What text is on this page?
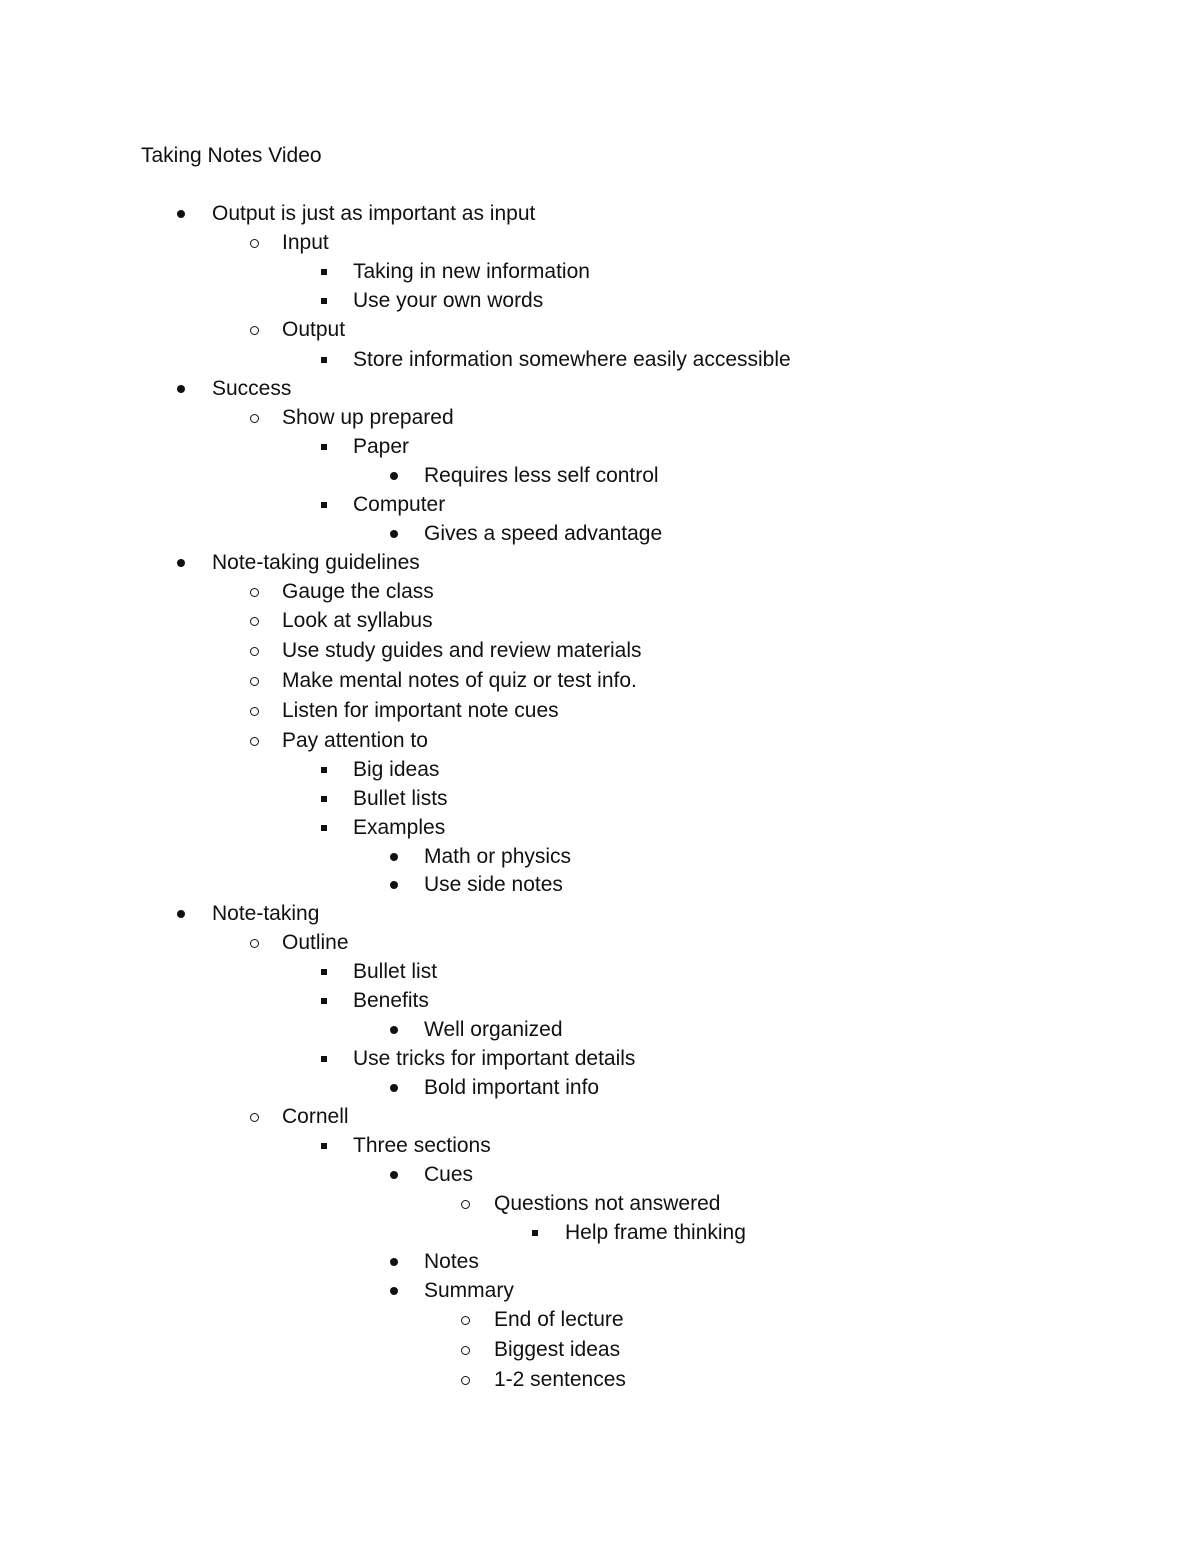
Taking Notes Video
Output is just as important as input
Input
Taking in new information
Use your own words
Output
Store information somewhere easily accessible
Success
Show up prepared
Paper
Requires less self control
Computer
Gives a speed advantage
Note-taking guidelines
Gauge the class
Look at syllabus
Use study guides and review materials
Make mental notes of quiz or test info.
Listen for important note cues
Pay attention to
Big ideas
Bullet lists
Examples
Math or physics
Use side notes
Note-taking
Outline
Bullet list
Benefits
Well organized
Use tricks for important details
Bold important info
Cornell
Three sections
Cues
Questions not answered
Help frame thinking
Notes
Summary
End of lecture
Biggest ideas
1-2 sentences
